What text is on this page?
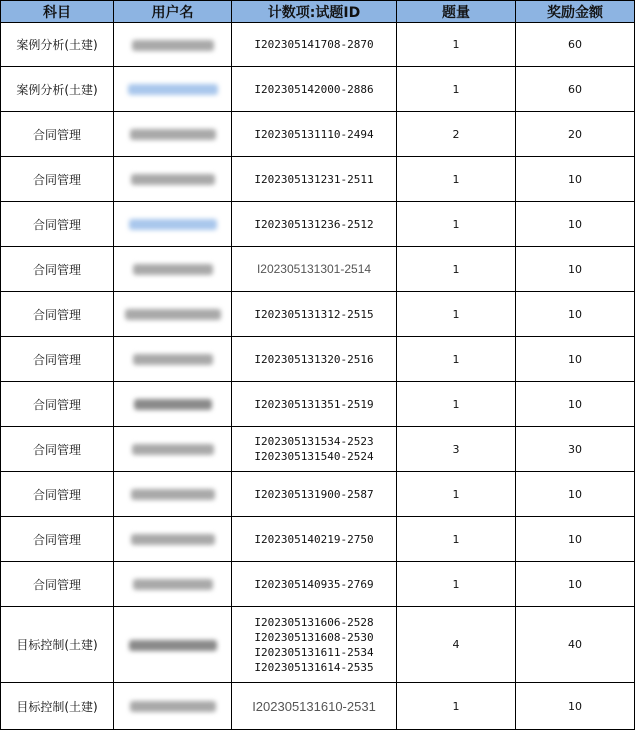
科目	用户名	计数项:试题ID	题量	奖励金额
案例分析(土建)		I202305141708-2870	1	60
案例分析(土建)		I202305142000-2886	1	60
合同管理		I202305131110-2494	2	20
合同管理		I202305131231-2511	1	10
合同管理		I202305131236-2512	1	10
合同管理		I202305131301-2514	1	10
合同管理		I202305131312-2515	1	10
合同管理		I202305131320-2516	1	10
合同管理		I202305131351-2519	1	10
合同管理		I202305131534-2523
I202305131540-2524	3	30
合同管理		I202305131900-2587	1	10
合同管理		I202305140219-2750	1	10
合同管理		I202305140935-2769	1	10
目标控制(土建)		I202305131606-2528
I202305131608-2530
I202305131611-2534
I202305131614-2535	4	40
目标控制(土建)		I202305131610-2531	1	10
